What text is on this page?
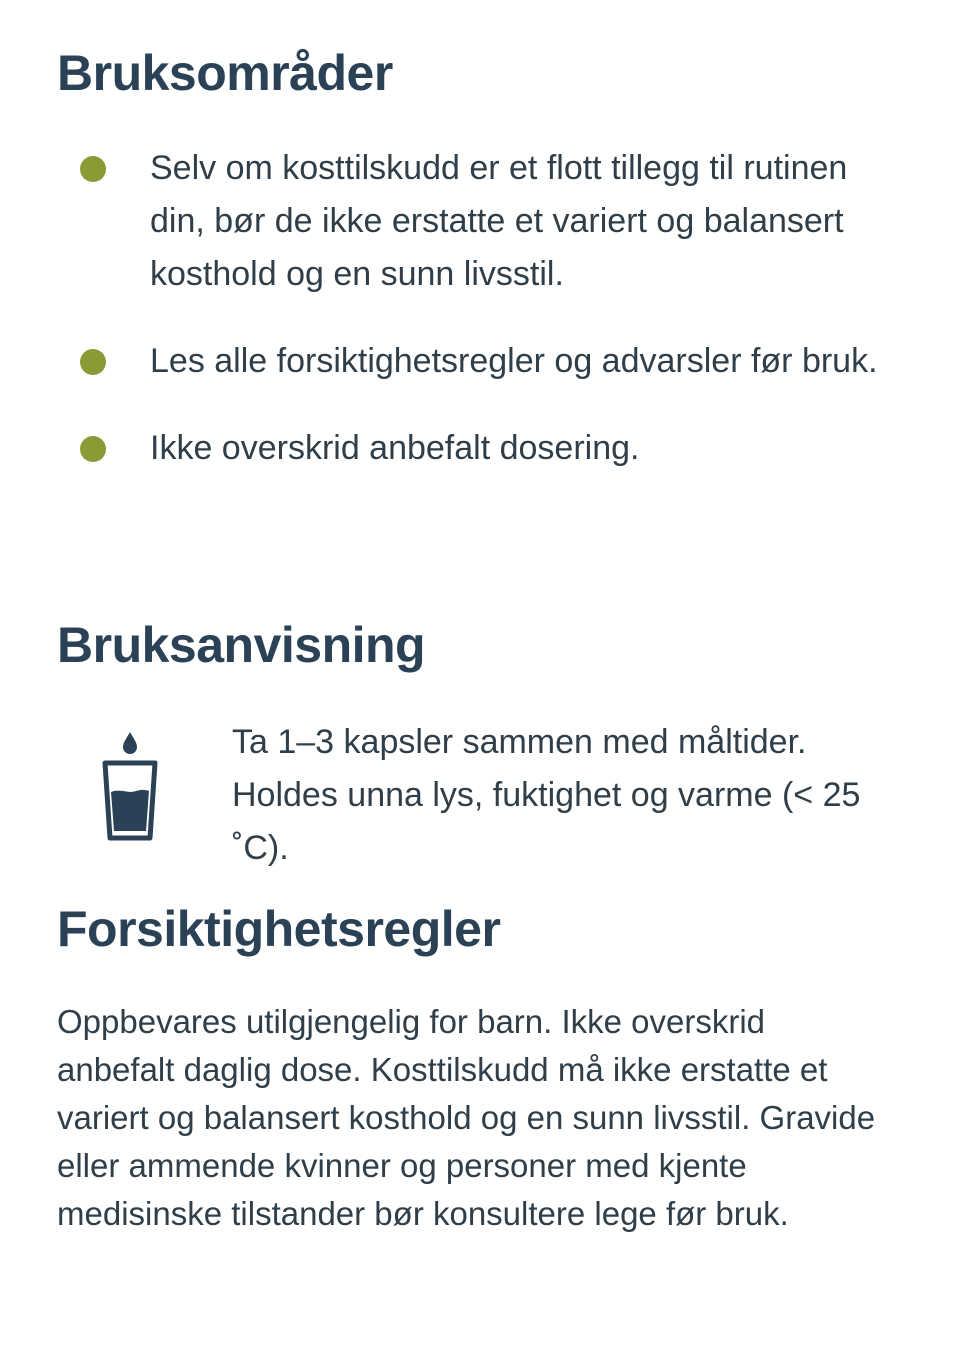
Bruksområder
Selv om kosttilskudd er et flott tillegg til rutinen din, bør de ikke erstatte et variert og balansert kosthold og en sunn livsstil.
Les alle forsiktighetsregler og advarsler før bruk.
Ikke overskrid anbefalt dosering.
Bruksanvisning
Ta 1–3 kapsler sammen med måltider. Holdes unna lys, fuktighet og varme (< 25 ˚C).
Forsiktighetsregler
Oppbevares utilgjengelig for barn. Ikke overskrid anbefalt daglig dose. Kosttilskudd må ikke erstatte et variert og balansert kosthold og en sunn livsstil. Gravide eller ammende kvinner og personer med kjente medisinske tilstander bør konsultere lege før bruk.
